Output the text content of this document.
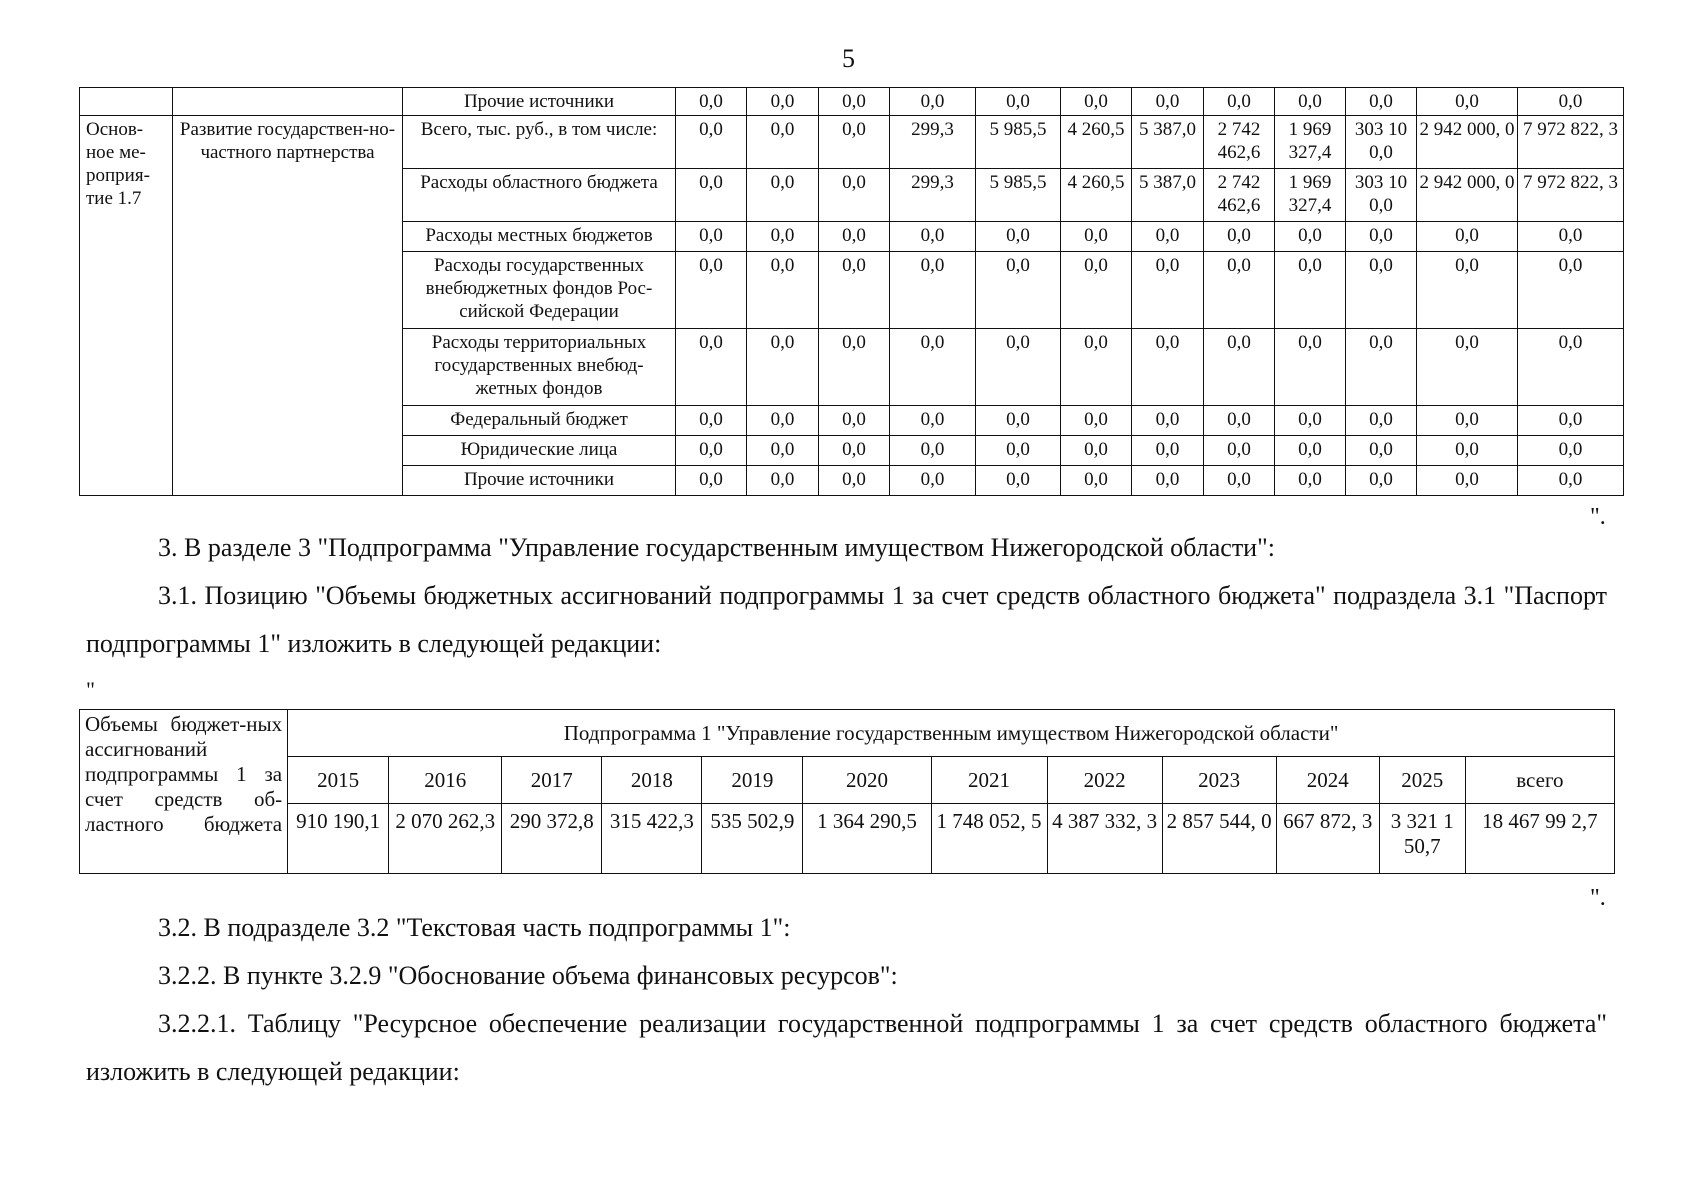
5
		Прочие источники	0,0	0,0	0,0	0,0	0,0	0,0	0,0	0,0	0,0	0,0	0,0	0,0
Основ-ное ме-роприя-тие 1.7	Развитие государствен-но-частного партнерства	Всего, тыс. руб., в том числе:	0,0	0,0	0,0	299,3	5 985,5	4 260,5	5 387,0	2 742 462,6	1 969 327,4	303 10 0,0	2 942 000, 0	7 972 822, 3
		Расходы областного бюджета	0,0	0,0	0,0	299,3	5 985,5	4 260,5	5 387,0	2 742 462,6	1 969 327,4	303 10 0,0	2 942 000, 0	7 972 822, 3
		Расходы местных бюджетов	0,0	0,0	0,0	0,0	0,0	0,0	0,0	0,0	0,0	0,0	0,0	0,0
		Расходы государственных внебюджетных фондов Рос-сийской Федерации	0,0	0,0	0,0	0,0	0,0	0,0	0,0	0,0	0,0	0,0	0,0	0,0
		Расходы территориальных государственных внебюд-жетных фондов	0,0	0,0	0,0	0,0	0,0	0,0	0,0	0,0	0,0	0,0	0,0	0,0
		Федеральный бюджет	0,0	0,0	0,0	0,0	0,0	0,0	0,0	0,0	0,0	0,0	0,0	0,0
		Юридические лица	0,0	0,0	0,0	0,0	0,0	0,0	0,0	0,0	0,0	0,0	0,0	0,0
		Прочие источники	0,0	0,0	0,0	0,0	0,0	0,0	0,0	0,0	0,0	0,0	0,0	0,0
".

3. В разделе 3 "Подпрограмма "Управление государственным имуществом Нижегородской области":

3.1. Позицию "Объемы бюджетных ассигнований подпрограммы 1 за счет средств областного бюджета" подраздела 3.1 "Паспорт подпрограммы 1" изложить в следующей редакции:

"
Объемы бюджет-ных ассигнований подпрограммы 1 за счет средств об-ластного бюджета	Подпрограмма 1 "Управление государственным имуществом Нижегородской области"											
	2015	2016	2017	2018	2019	2020	2021	2022	2023	2024	2025	всего
	910 190,1	2 070 262,3	290 372,8	315 422,3	535 502,9	1 364 290,5	1 748 052, 5	4 387 332, 3	2 857 544, 0	667 872, 3	3 321 1 50,7	18 467 99 2,7
".

3.2. В подразделе 3.2 "Текстовая часть подпрограммы 1":

3.2.2. В пункте 3.2.9 "Обоснование объема финансовых ресурсов":

3.2.2.1. Таблицу "Ресурсное обеспечение реализации государственной подпрограммы 1 за счет средств областного бюджета" изложить в следующей редакции:
